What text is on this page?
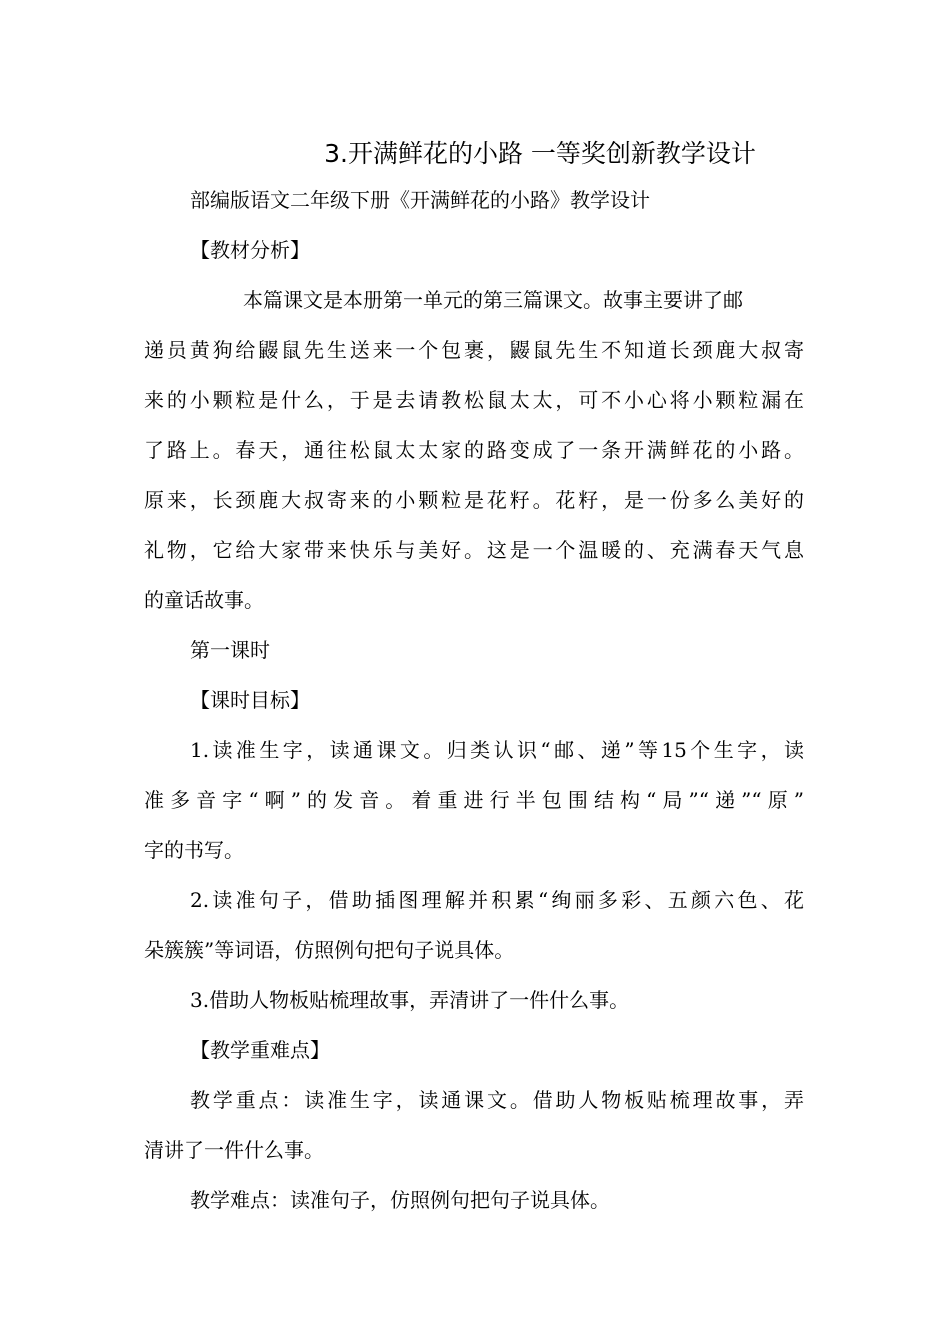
3.开满鲜花的小路 一等奖创新教学设计
部编版语文二年级下册《开满鲜花的小路》教学设计
【教材分析】
本篇课文是本册第一单元的第三篇课文。故事主要讲了邮
递员黄狗给鼹鼠先生送来一个包裹，鼹鼠先生不知道长颈鹿大叔寄
来的小颗粒是什么，于是去请教松鼠太太，可不小心将小颗粒漏在
了路上。春天，通往松鼠太太家的路变成了一条开满鲜花的小路。
原来，长颈鹿大叔寄来的小颗粒是花籽。花籽，是一份多么美好的
礼物，它给大家带来快乐与美好。这是一个温暖的、充满春天气息
的童话故事。
第一课时
【课时目标】
1.读准生字，读通课文。归类认识“邮、递”等15个生字，读
准多音字“啊”的发音。着重进行半包围结构“局”“递”“原”
字的书写。
2.读准句子，借助插图理解并积累“绚丽多彩、五颜六色、花
朵簇簇”等词语，仿照例句把句子说具体。
3.借助人物板贴梳理故事，弄清讲了一件什么事。
【教学重难点】
教学重点：读准生字，读通课文。借助人物板贴梳理故事，弄
清讲了一件什么事。
教学难点：读准句子，仿照例句把句子说具体。
